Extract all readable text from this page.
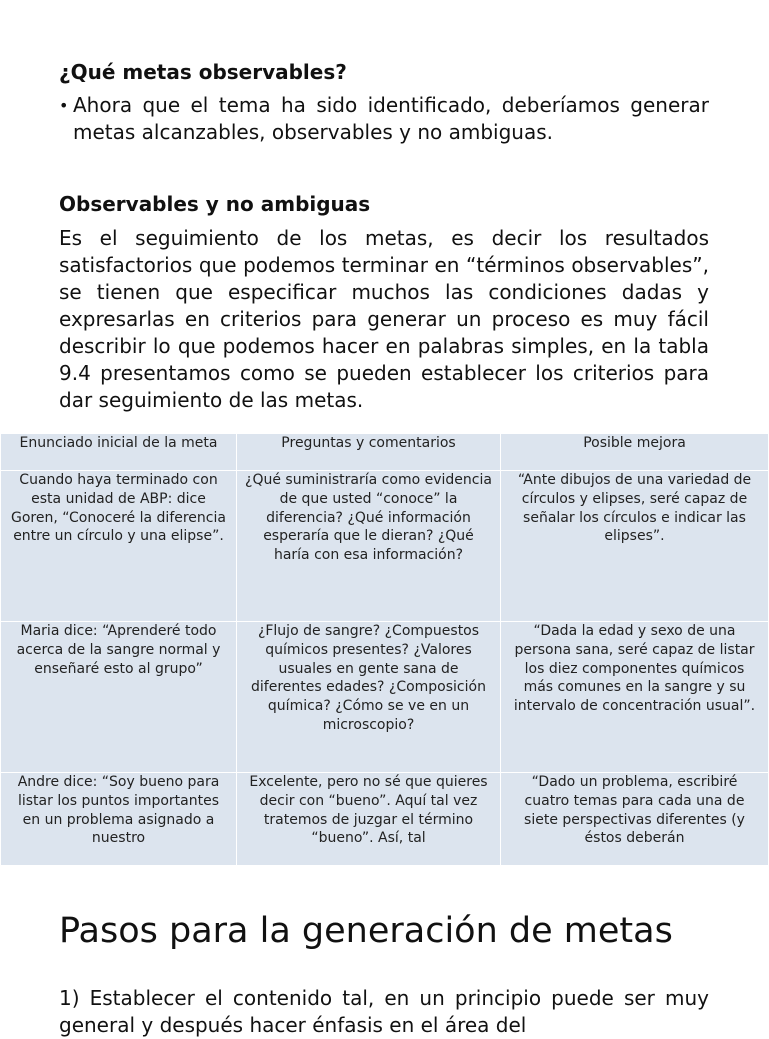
¿Qué metas observables?
• Ahora que el tema ha sido identificado, deberíamos generar metas alcanzables, observables y no ambiguas.

Observables y no ambiguas

Es el seguimiento de los metas, es decir los resultados satisfactorios que podemos terminar en “términos observables”, se tienen que especificar muchos las condiciones dadas y expresarlas en criterios para generar un proceso es muy fácil describir lo que podemos hacer en palabras simples, en la tabla 9.4 presentamos como se pueden establecer los criterios para dar seguimiento de las metas.

Enunciado inicial de la meta	Preguntas y comentarios	Posible mejora
Cuando haya terminado con esta unidad de ABP: dice Goren, “Conoceré la diferencia entre un círculo y una elipse”.	¿Qué suministraría como evidencia de que usted “conoce” la diferencia? ¿Qué información esperaría que le dieran? ¿Qué haría con esa información?	“Ante dibujos de una variedad de círculos y elipses, seré capaz de señalar los círculos e indicar las elipses”.
Maria dice: “Aprenderé todo acerca de la sangre normal y enseñaré esto al grupo”	¿Flujo de sangre? ¿Compuestos químicos presentes? ¿Valores usuales en gente sana de diferentes edades? ¿Composición química? ¿Cómo se ve en un microscopio?	“Dada la edad y sexo de una persona sana, seré capaz de listar los diez componentes químicos más comunes en la sangre y su intervalo de concentración usual”.
Andre dice: “Soy bueno para listar los puntos importantes en un problema asignado a nuestro	Excelente, pero no sé que quieres decir con “bueno”. Aquí tal vez tratemos de juzgar el término “bueno”. Así, tal	“Dado un problema, escribiré cuatro temas para cada una de siete perspectivas diferentes (y éstos deberán
Pasos para la generación de metas

1) Establecer el contenido tal, en un principio puede ser muy general y después hacer énfasis en el área del
